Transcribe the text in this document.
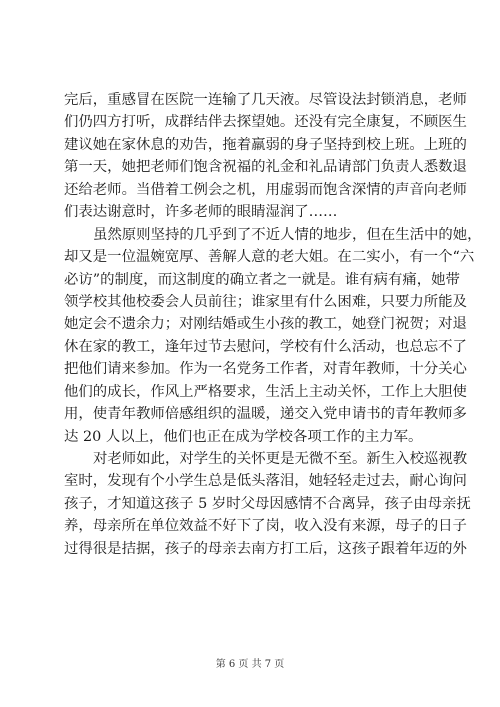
完后，重感冒在医院一连输了几天液。尽管设法封锁消息，老师
们仍四方打听，成群结伴去探望她。还没有完全康复，不顾医生
建议她在家休息的劝告，拖着羸弱的身子坚持到校上班。上班的
第一天，她把老师们饱含祝福的礼金和礼品请部门负责人悉数退
还给老师。当借着工例会之机，用虚弱而饱含深情的声音向老师
们表达谢意时，许多老师的眼睛湿润了……
虽然原则坚持的几乎到了不近人情的地步，但在生活中的她，
却又是一位温婉宽厚、善解人意的老大姐。在二实小，有一个“六
必访”的制度，而这制度的确立者之一就是。谁有病有痛，她带
领学校其他校委会人员前往；谁家里有什么困难，只要力所能及
她定会不遗余力；对刚结婚或生小孩的教工，她登门祝贺；对退
休在家的教工，逢年过节去慰问，学校有什么活动，也总忘不了
把他们请来参加。作为一名党务工作者，对青年教师，十分关心
他们的成长，作风上严格要求，生活上主动关怀，工作上大胆使
用，使青年教师倍感组织的温暖，递交入党申请书的青年教师多
达 20 人以上，他们也正在成为学校各项工作的主力军。
对老师如此，对学生的关怀更是无微不至。新生入校巡视教
室时，发现有个小学生总是低头落泪，她轻轻走过去，耐心询问
孩子，才知道这孩子 5 岁时父母因感情不合离异，孩子由母亲抚
养，母亲所在单位效益不好下了岗，收入没有来源，母子的日子
过得很是拮据，孩子的母亲去南方打工后，这孩子跟着年迈的外
第 6 页 共 7 页
